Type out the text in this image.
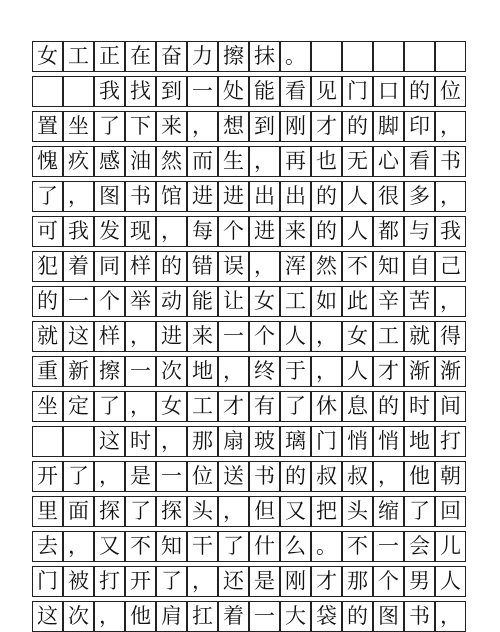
女 工 正 在 奋 力 擦 抹 。
我 找 到 一 处 能 看 见 门 口 的 位
置 坐 了 下 来 ， 想 到 刚 才 的 脚 印 ，
愧 疚 感 油 然 而 生 ， 再 也 无 心 看 书
了 ， 图 书 馆 进 进 出 出 的 人 很 多 ，
可 我 发 现 ， 每 个 进 来 的 人 都 与 我
犯 着 同 样 的 错 误 ， 浑 然 不 知 自 己
的 一 个 举 动 能 让 女 工 如 此 辛 苦 ，
就 这 样 ， 进 来 一 个 人 ， 女 工 就 得
重 新 擦 一 次 地 ， 终 于 ， 人 才 渐 渐
坐 定 了 ， 女 工 才 有 了 休 息 的 时 间
这 时 ， 那 扇 玻 璃 门 悄 悄 地 打
开 了 ， 是 一 位 送 书 的 叔 叔 ， 他 朝
里 面 探 了 探 头 ， 但 又 把 头 缩 了 回
去 ， 又 不 知 干 了 什 么 。 不 一 会 儿
门 被 打 开 了 ， 还 是 刚 才 那 个 男 人
这 次 ， 他 肩 扛 着 一 大 袋 的 图 书 ，
